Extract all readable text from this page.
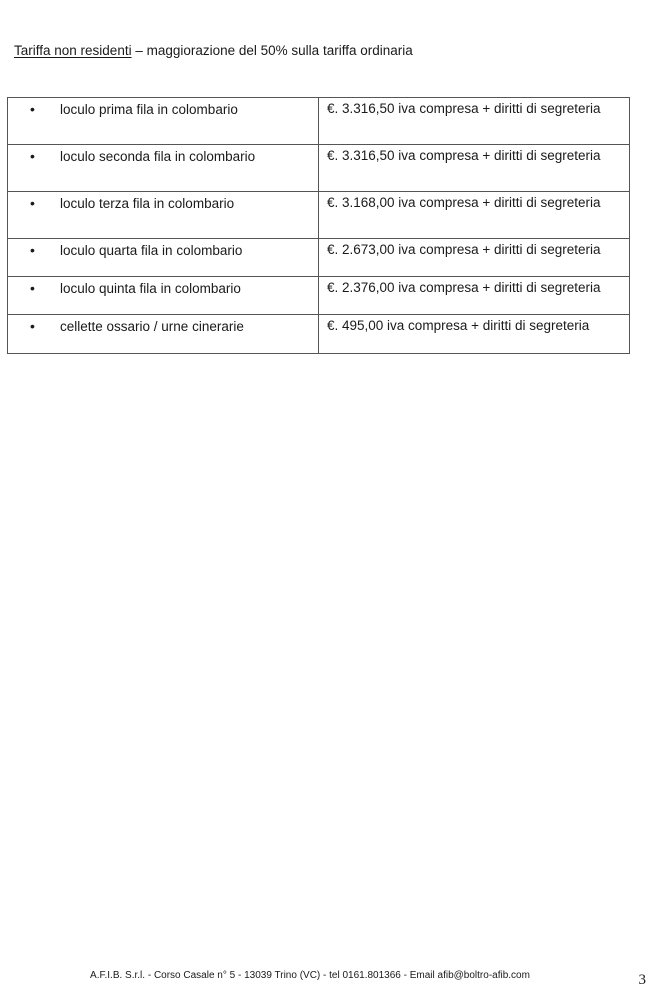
Tariffa non residenti – maggiorazione del 50% sulla tariffa ordinaria
• loculo prima fila in colombario	€. 3.316,50 iva compresa + diritti di segreteria
• loculo seconda fila in colombario	€. 3.316,50 iva compresa + diritti di segreteria
• loculo terza fila in colombario	€. 3.168,00 iva compresa + diritti di segreteria
• loculo quarta fila in colombario	€. 2.673,00 iva compresa + diritti di segreteria
• loculo quinta fila in colombario	€. 2.376,00 iva compresa + diritti di segreteria
• cellette ossario / urne cinerarie	€. 495,00 iva compresa + diritti di segreteria
A.F.I.B. S.r.l. - Corso Casale n° 5 - 13039 Trino (VC) - tel 0161.801366 - Email afib@boltro-afib.com	3
